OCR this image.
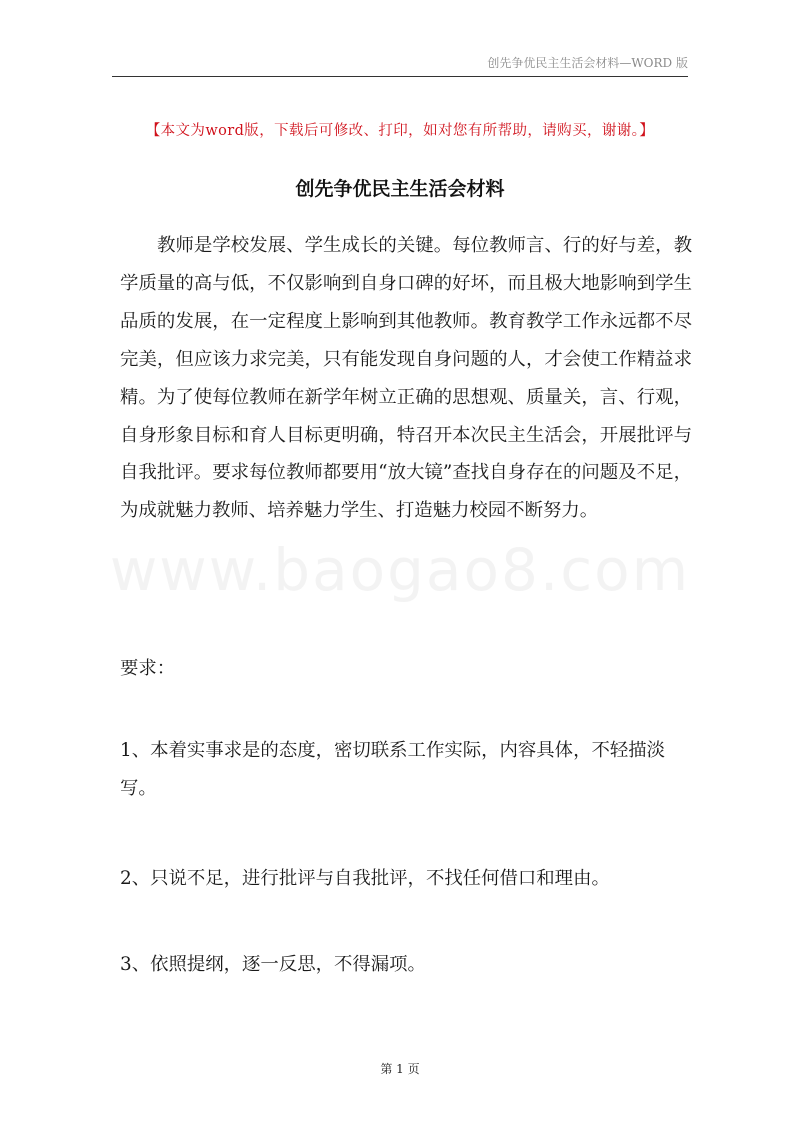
创先争优民主生活会材料—WORD 版
【本文为word版，下载后可修改、打印，如对您有所帮助，请购买，谢谢。】
创先争优民主生活会材料

教师是学校发展、学生成长的关键。每位教师言、行的好与差，教学质量的高与低，不仅影响到自身口碑的好坏，而且极大地影响到学生品质的发展，在一定程度上影响到其他教师。教育教学工作永远都不尽完美，但应该力求完美，只有能发现自身问题的人，才会使工作精益求精。为了使每位教师在新学年树立正确的思想观、质量关，言、行观，自身形象目标和育人目标更明确，特召开本次民主生活会，开展批评与自我批评。要求每位教师都要用“放大镜”查找自身存在的问题及不足，为成就魅力教师、培养魅力学生、打造魅力校园不断努力。

www.baogao8.com

要求：

1、本着实事求是的态度，密切联系工作实际，内容具体，不轻描淡写。

2、只说不足，进行批评与自我批评，不找任何借口和理由。

3、依照提纲，逐一反思，不得漏项。

第 1 页
